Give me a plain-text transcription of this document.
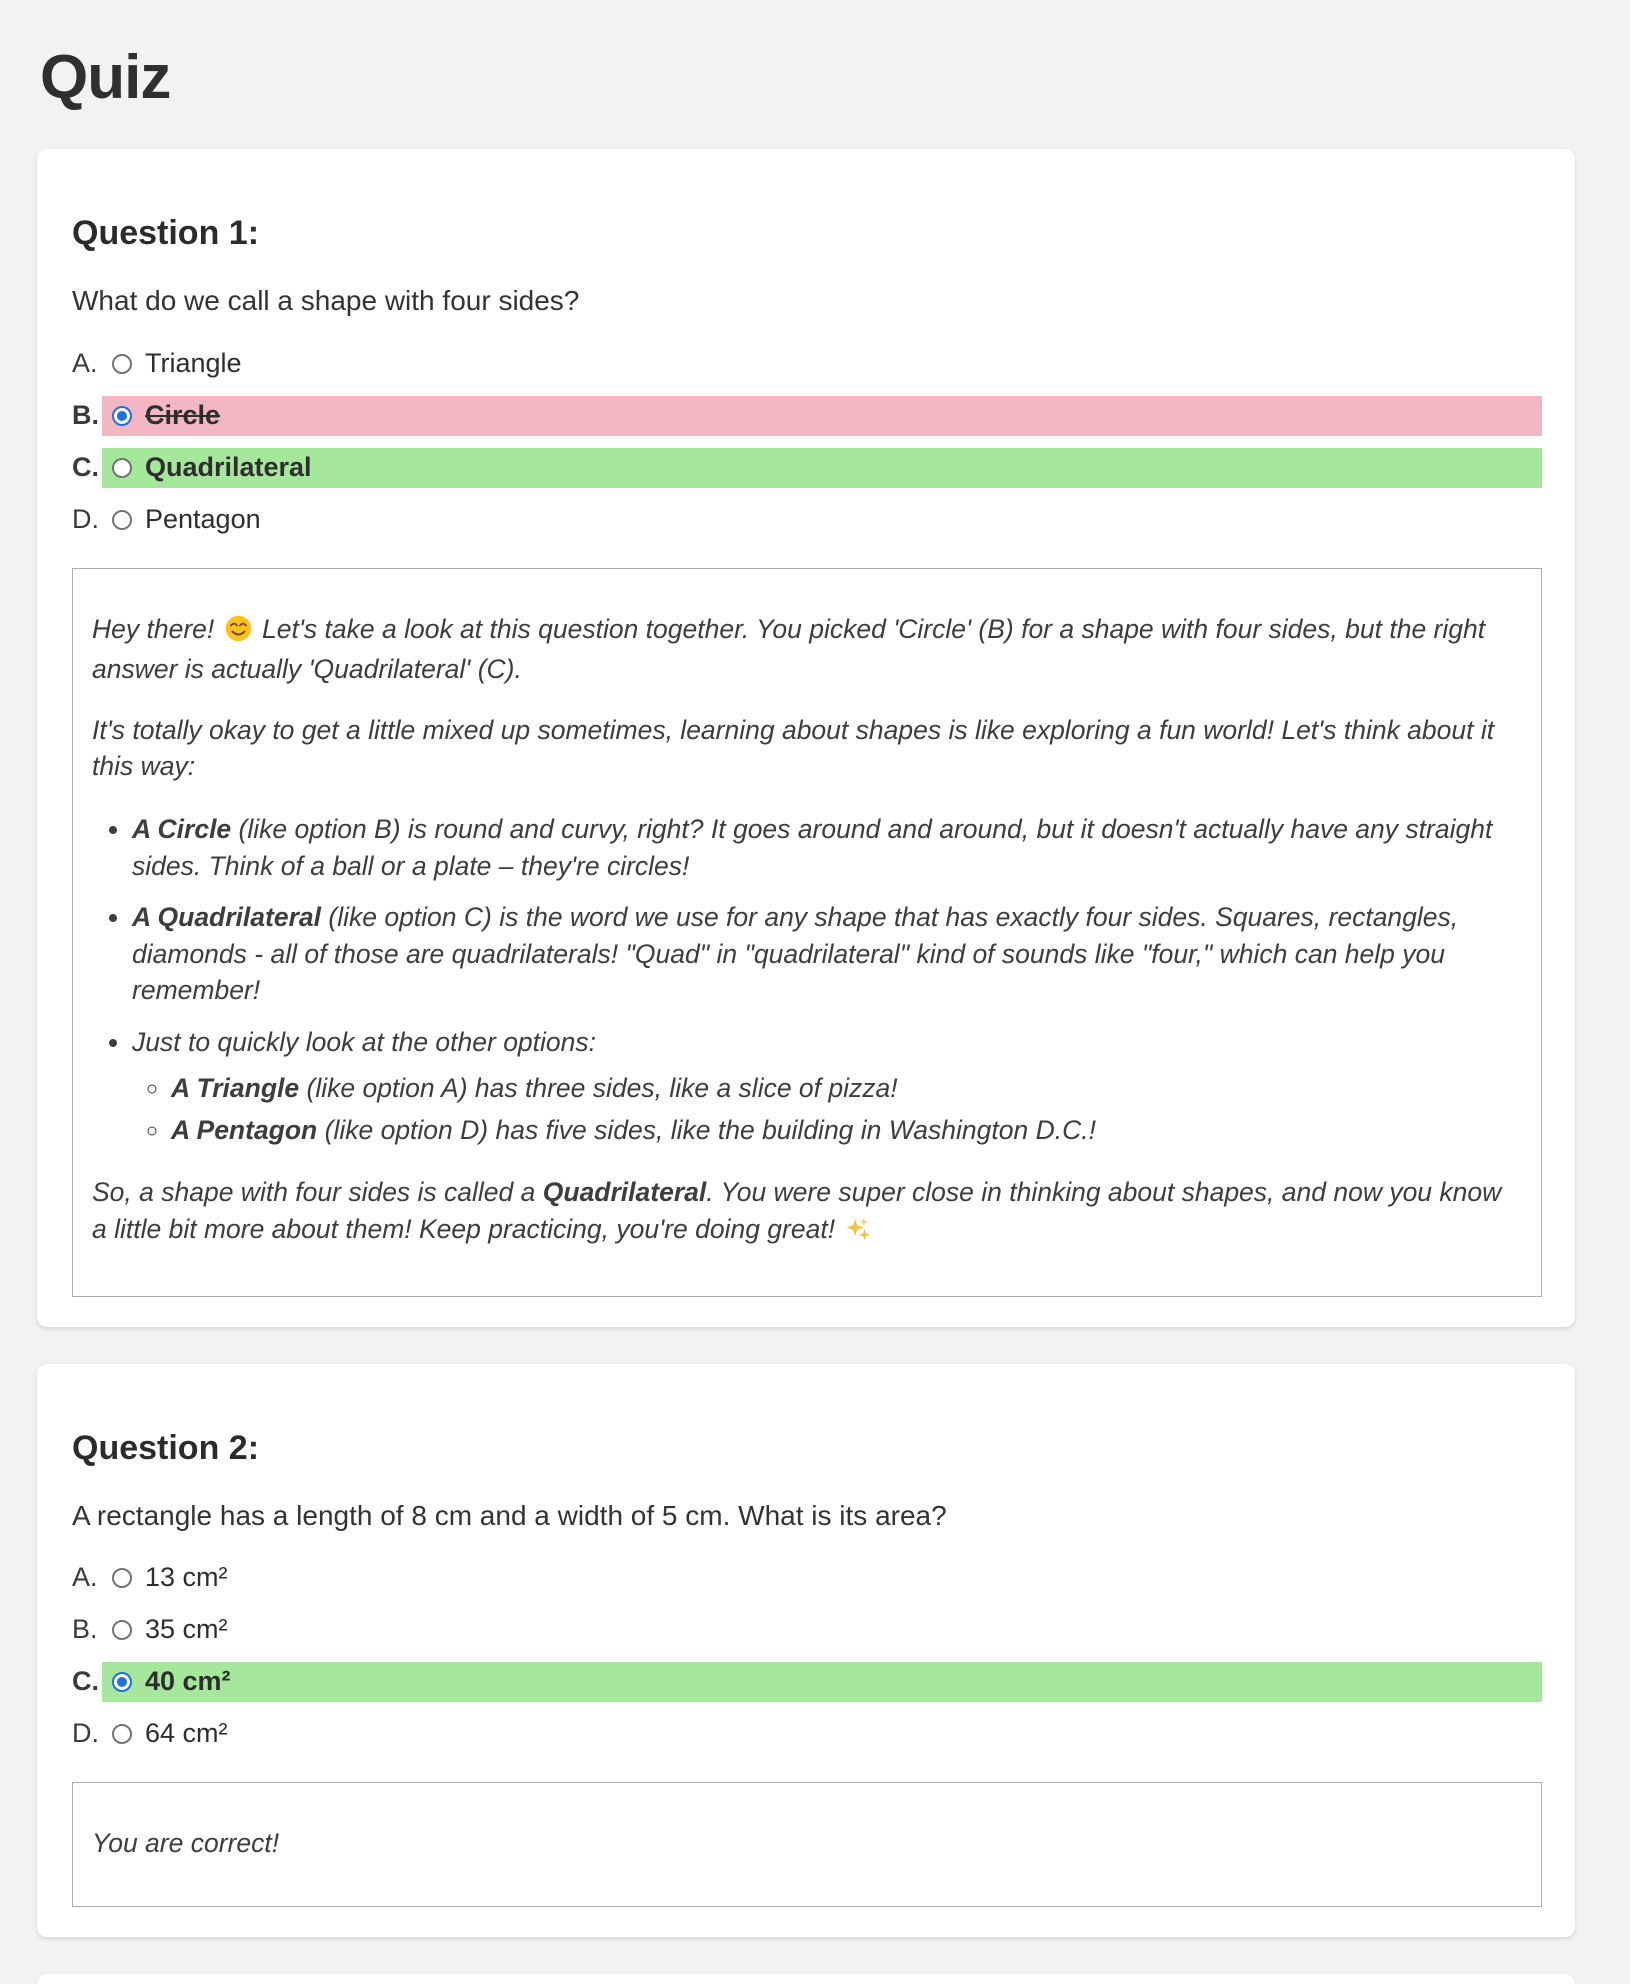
Quiz
Question 1:

What do we call a shape with four sides?

A. Triangle
B. Circle
C. Quadrilateral
D. Pentagon

Hey there! Let's take a look at this question together. You picked 'Circle' (B) for a shape with four sides, but the right answer is actually 'Quadrilateral' (C).

It's totally okay to get a little mixed up sometimes, learning about shapes is like exploring a fun world! Let's think about it this way:

• A Circle (like option B) is round and curvy, right? It goes around and around, but it doesn't actually have any straight sides. Think of a ball or a plate – they're circles!
• A Quadrilateral (like option C) is the word we use for any shape that has exactly four sides. Squares, rectangles, diamonds - all of those are quadrilaterals! "Quad" in "quadrilateral" kind of sounds like "four," which can help you remember!
• Just to quickly look at the other options:
◦ A Triangle (like option A) has three sides, like a slice of pizza!
◦ A Pentagon (like option D) has five sides, like the building in Washington D.C.!

So, a shape with four sides is called a Quadrilateral. You were super close in thinking about shapes, and now you know a little bit more about them! Keep practicing, you're doing great!

Question 2:

A rectangle has a length of 8 cm and a width of 5 cm. What is its area?

A. 13 cm²
B. 35 cm²
C. 40 cm²
D. 64 cm²

You are correct!
